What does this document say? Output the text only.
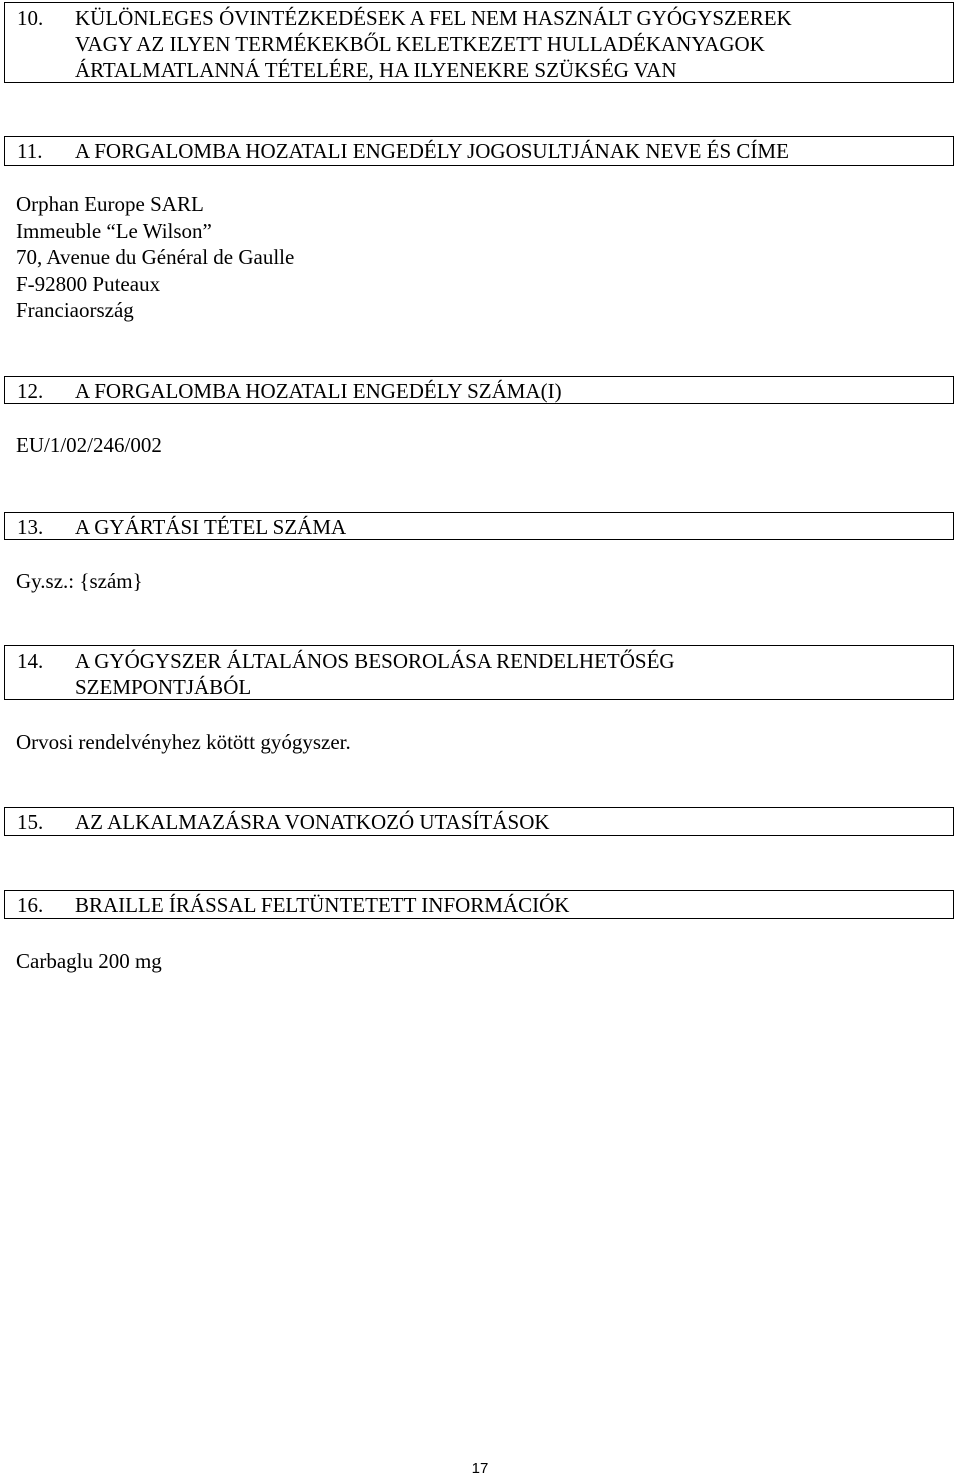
10.	KÜLÖNLEGES ÓVINTÉZKEDÉSEK A FEL NEM HASZNÁLT GYÓGYSZEREK
VAGY AZ ILYEN TERMÉKEKBŐL KELETKEZETT HULLADÉKANYAGOK
ÁRTALMATLANNÁ TÉTELÉRE, HA ILYENEKRE SZÜKSÉG VAN
11.	A FORGALOMBA HOZATALI ENGEDÉLY JOGOSULTJÁNAK NEVE ÉS CÍME
Orphan Europe SARL
Immeuble “Le Wilson”
70, Avenue du Général de Gaulle
F-92800 Puteaux
Franciaország
12.	A FORGALOMBA HOZATALI ENGEDÉLY SZÁMA(I)
EU/1/02/246/002
13.	A GYÁRTÁSI TÉTEL SZÁMA
Gy.sz.: {szám}
14.	A GYÓGYSZER ÁLTALÁNOS BESOROLÁSA RENDELHETŐSÉG
SZEMPONTJÁBÓL
Orvosi rendelvényhez kötött gyógyszer.
15.	AZ ALKALMAZÁSRA VONATKOZÓ UTASÍTÁSOK
16.	BRAILLE ÍRÁSSAL FELTÜNTETETT INFORMÁCIÓK
Carbaglu 200 mg
17
